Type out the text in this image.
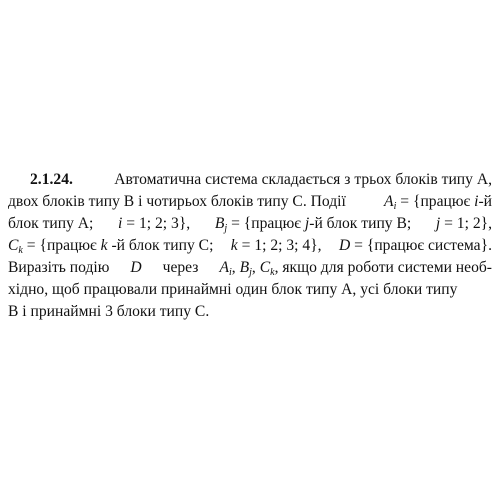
2.1.24.	Автоматична система складається з трьох блоків типу А,
двох блоків типу В і чотирьох блоків типу С. Події $A_i$ = {працює i-й
блок типу А; i = 1; 2; 3}, $B_j$ = {працює j-й блок типу В; j = 1; 2},
$C_k$ = {працює k -й блок типу С; k = 1; 2; 3; 4}, D = {працює система}.
Виразіть подію D через $A_i$, $B_j$, $C_k$, якщо для роботи системи необ-
хідно, щоб працювали принаймні один блок типу А, усі блоки типу
В і принаймні 3 блоки типу С.
